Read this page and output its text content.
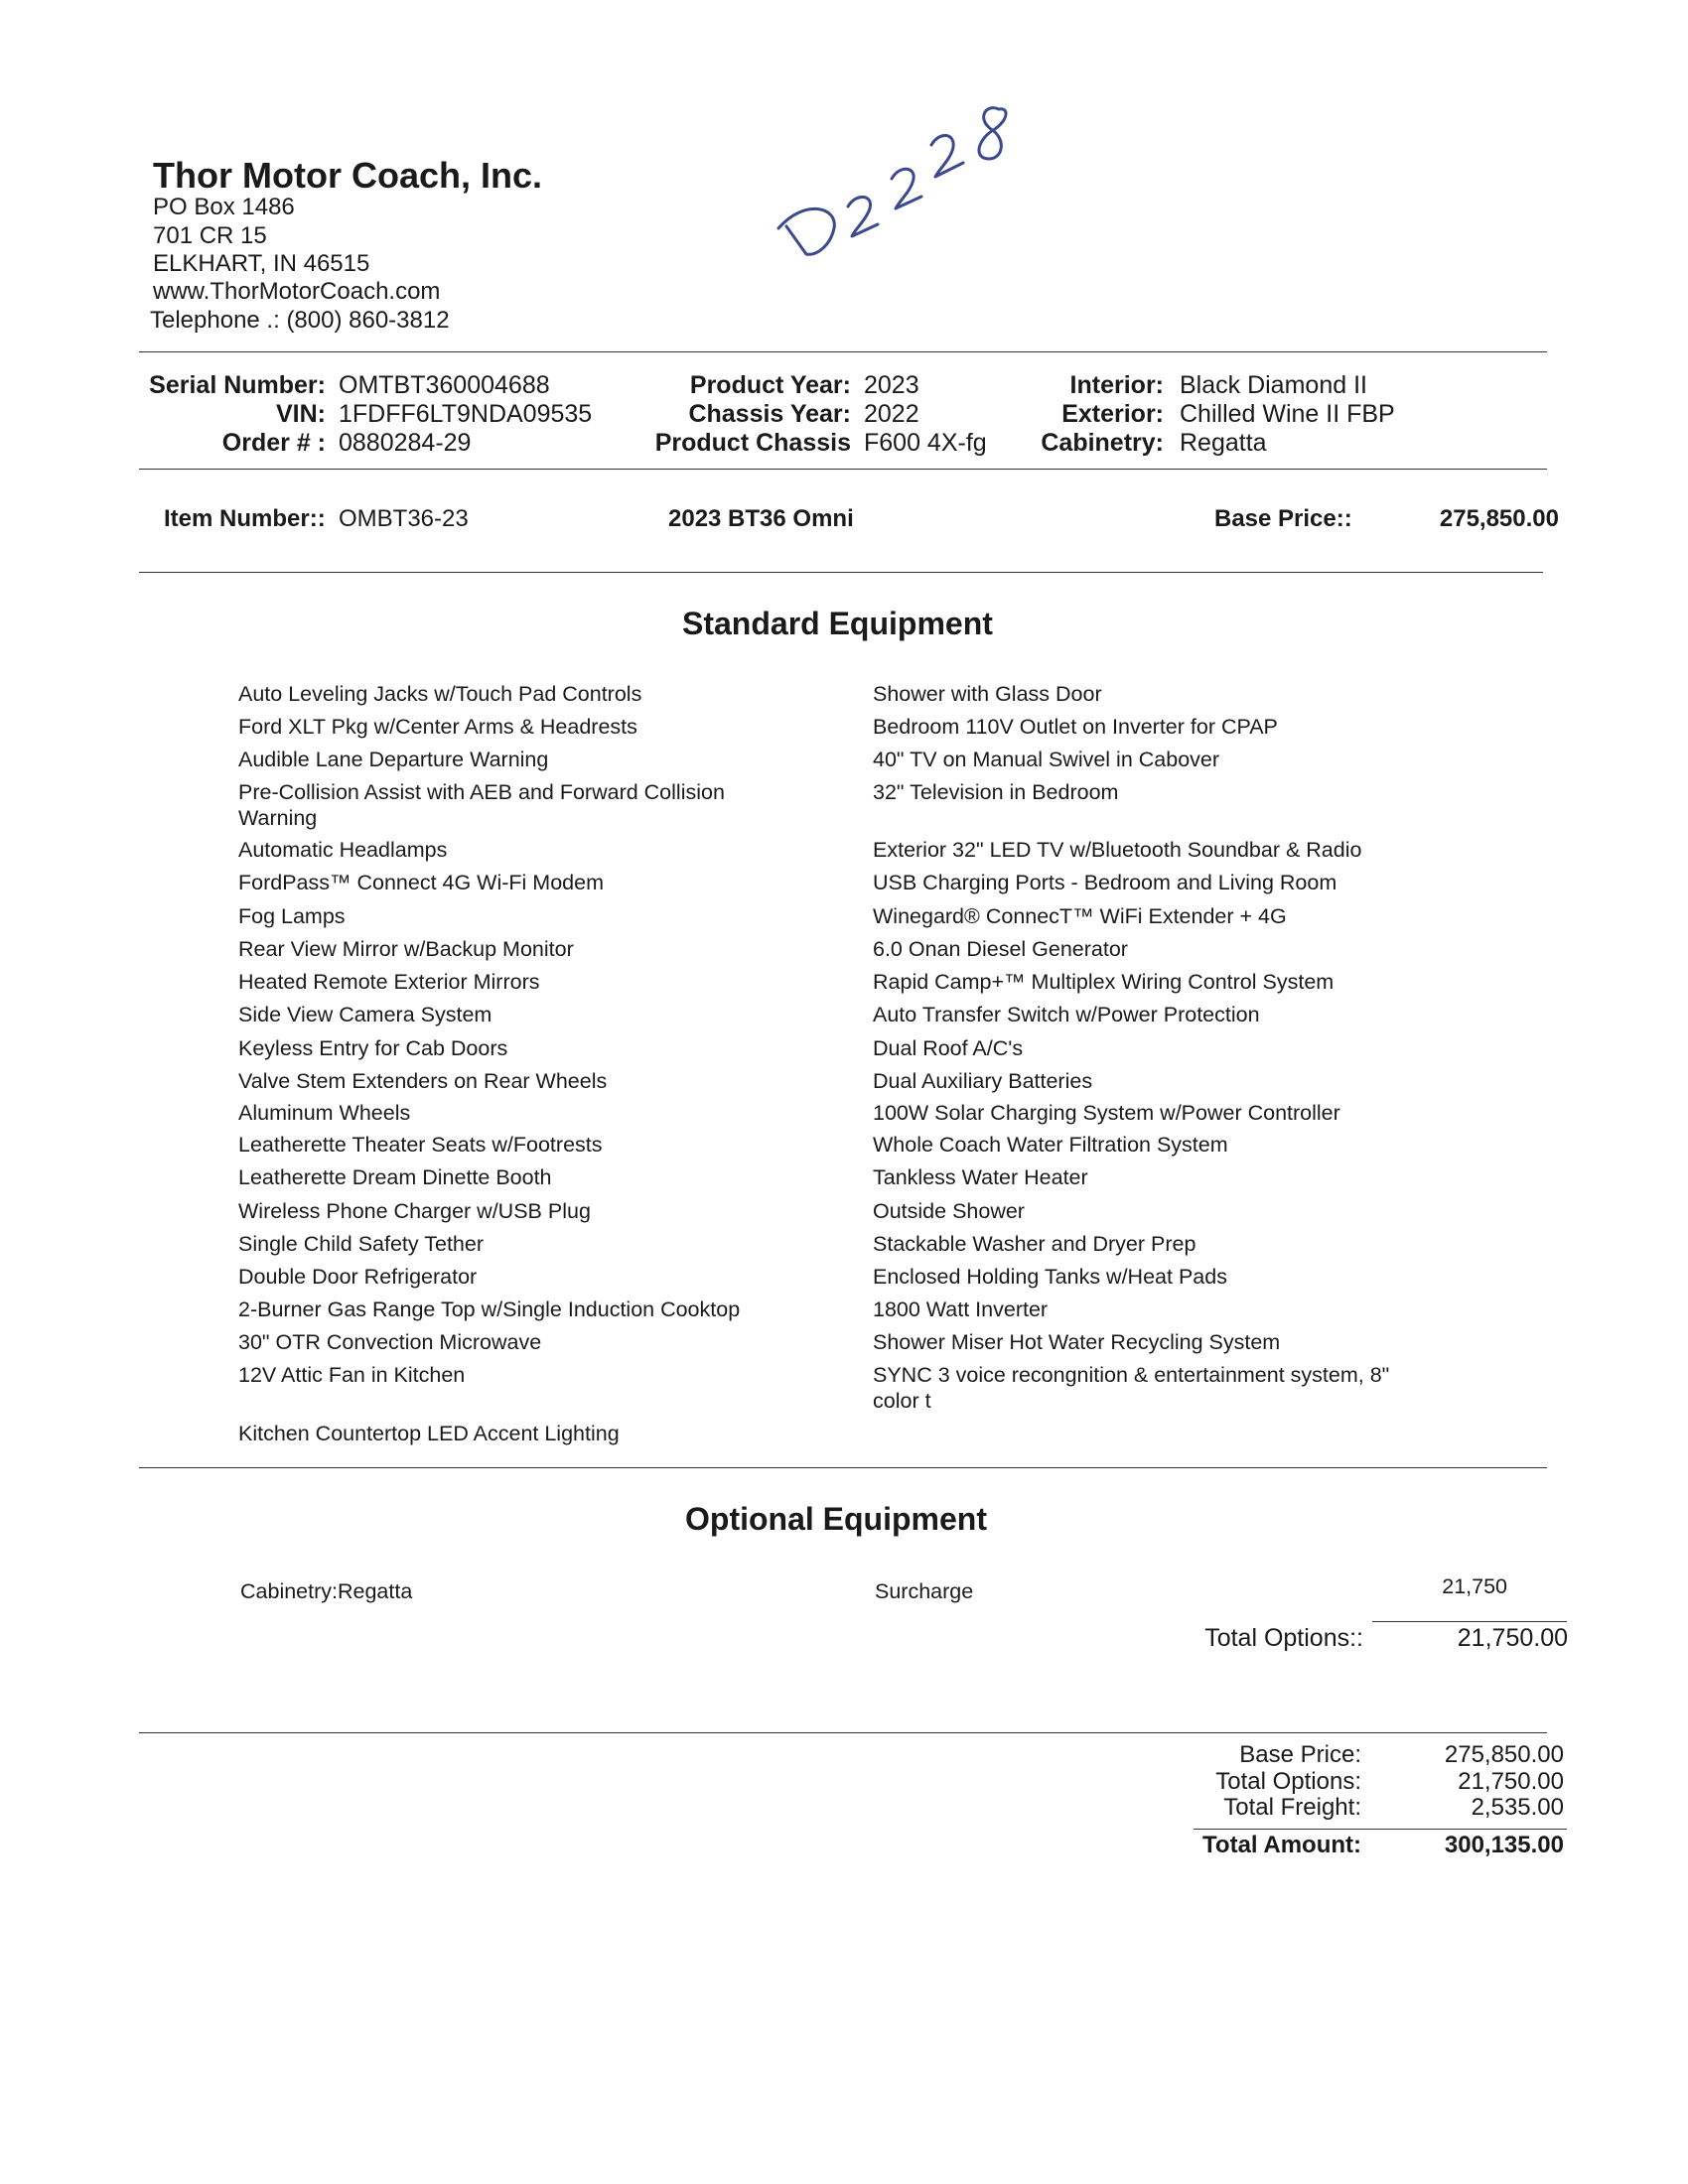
Thor Motor Coach, Inc.
PO Box 1486
701 CR 15
ELKHART, IN 46515
www.ThorMotorCoach.com
Telephone .: (800) 860-3812
Serial Number: OMTBT360004688
VIN: 1FDFF6LT9NDA09535
Order # : 0880284-29
Product Year: 2023
Chassis Year: 2022
Product Chassis F600 4X-fg
Interior: Black Diamond II
Exterior: Chilled Wine II FBP
Cabinetry: Regatta
Item Number:: OMBT36-23	2023 BT36 Omni	Base Price::	275,850.00
Standard Equipment
Auto Leveling Jacks w/Touch Pad Controls
Ford XLT Pkg w/Center Arms & Headrests
Audible Lane Departure Warning
Pre-Collision Assist with AEB and Forward Collision
Warning
Automatic Headlamps
FordPass™ Connect 4G Wi-Fi Modem
Fog Lamps
Rear View Mirror w/Backup Monitor
Heated Remote Exterior Mirrors
Side View Camera System
Keyless Entry for Cab Doors
Valve Stem Extenders on Rear Wheels
Aluminum Wheels
Leatherette Theater Seats w/Footrests
Leatherette Dream Dinette Booth
Wireless Phone Charger w/USB Plug
Single Child Safety Tether
Double Door Refrigerator
2-Burner Gas Range Top w/Single Induction Cooktop
30" OTR Convection Microwave
12V Attic Fan in Kitchen
Kitchen Countertop LED Accent Lighting
Shower with Glass Door
Bedroom 110V Outlet on Inverter for CPAP
40" TV on Manual Swivel in Cabover
32" Television in Bedroom
Exterior 32" LED TV w/Bluetooth Soundbar & Radio
USB Charging Ports - Bedroom and Living Room
Winegard® ConnecT™ WiFi Extender + 4G
6.0 Onan Diesel Generator
Rapid Camp+™ Multiplex Wiring Control System
Auto Transfer Switch w/Power Protection
Dual Roof A/C's
Dual Auxiliary Batteries
100W Solar Charging System w/Power Controller
Whole Coach Water Filtration System
Tankless Water Heater
Outside Shower
Stackable Washer and Dryer Prep
Enclosed Holding Tanks w/Heat Pads
1800 Watt Inverter
Shower Miser Hot Water Recycling System
SYNC 3 voice recongnition & entertainment system, 8"
color t
Optional Equipment
Cabinetry:Regatta	Surcharge	21,750
Total Options::	21,750.00
Base Price:	275,850.00
Total Options:	21,750.00
Total Freight:	2,535.00
Total Amount:	300,135.00
